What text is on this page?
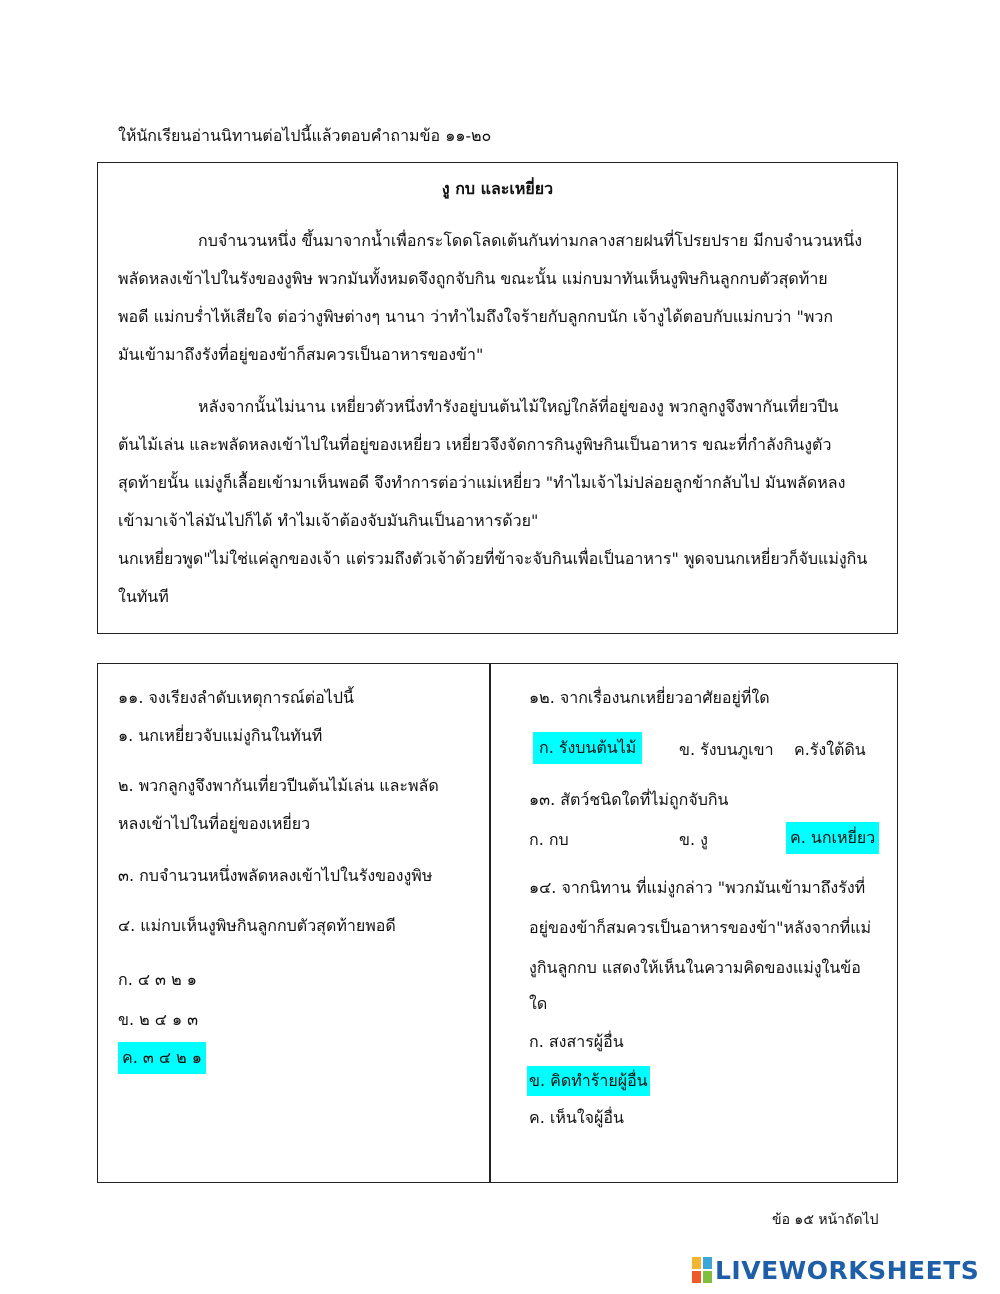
ให้นักเรียนอ่านนิทานต่อไปนี้แล้วตอบคำถามข้อ ๑๑-๒๐
งู กบ และเหยี่ยว
กบจำนวนหนึ่ง ขึ้นมาจากน้ำเพื่อกระโดดโลดเต้นกันท่ามกลางสายฝนที่โปรยปราย มีกบจำนวนหนึ่ง
พลัดหลงเข้าไปในรังของงูพิษ พวกมันทั้งหมดจึงถูกจับกิน ขณะนั้น แม่กบมาทันเห็นงูพิษกินลูกกบตัวสุดท้าย
พอดี แม่กบร่ำไห้เสียใจ ต่อว่างูพิษต่างๆ นานา ว่าทำไมถึงใจร้ายกับลูกกบนัก เจ้างูได้ตอบกับแม่กบว่า "พวก
มันเข้ามาถึงรังที่อยู่ของข้าก็สมควรเป็นอาหารของข้า"
หลังจากนั้นไม่นาน เหยี่ยวตัวหนึ่งทำรังอยู่บนต้นไม้ใหญ่ใกล้ที่อยู่ของงู พวกลูกงูจึงพากันเที่ยวปีน
ต้นไม้เล่น และพลัดหลงเข้าไปในที่อยู่ของเหยี่ยว เหยี่ยวจึงจัดการกินงูพิษกินเป็นอาหาร ขณะที่กำลังกินงูตัว
สุดท้ายนั้น แม่งูก็เลื้อยเข้ามาเห็นพอดี จึงทำการต่อว่าแม่เหยี่ยว "ทำไมเจ้าไม่ปล่อยลูกข้ากลับไป มันพลัดหลง
เข้ามาเจ้าไล่มันไปก็ได้ ทำไมเจ้าต้องจับมันกินเป็นอาหารด้วย"
นกเหยี่ยวพูด"ไม่ใช่แค่ลูกของเจ้า แต่รวมถึงตัวเจ้าด้วยที่ข้าจะจับกินเพื่อเป็นอาหาร" พูดจบนกเหยี่ยวก็จับแม่งูกิน
ในทันที
๑๑. จงเรียงลำดับเหตุการณ์ต่อไปนี้
๑. นกเหยี่ยวจับแม่งูกินในทันที
๒. พวกลูกงูจึงพากันเที่ยวปีนต้นไม้เล่น และพลัด
หลงเข้าไปในที่อยู่ของเหยี่ยว
๓. กบจำนวนหนึ่งพลัดหลงเข้าไปในรังของงูพิษ
๔. แม่กบเห็นงูพิษกินลูกกบตัวสุดท้ายพอดี
ก. ๔ ๓ ๒ ๑
ข. ๒ ๔ ๑ ๓
ค. ๓ ๔ ๒ ๑
๑๒. จากเรื่องนกเหยี่ยวอาศัยอยู่ที่ใด
ก. รังบนต้นไม้	ข. รังบนภูเขา ค.รังใต้ดิน
๑๓. สัตว์ชนิดใดที่ไม่ถูกจับกิน
ก. กบ	ข. งู	ค. นกเหยี่ยว
๑๔. จากนิทาน ที่แม่งูกล่าว "พวกมันเข้ามาถึงรังที่
อยู่ของข้าก็สมควรเป็นอาหารของข้า"หลังจากที่แม่
งูกินลูกกบ แสดงให้เห็นในความคิดของแม่งูในข้อ
ใด
ก. สงสารผู้อื่น
ข. คิดทำร้ายผู้อื่น
ค. เห็นใจผู้อื่น
ข้อ ๑๕ หน้าถัดไป
LIVEWORKSHEETS
